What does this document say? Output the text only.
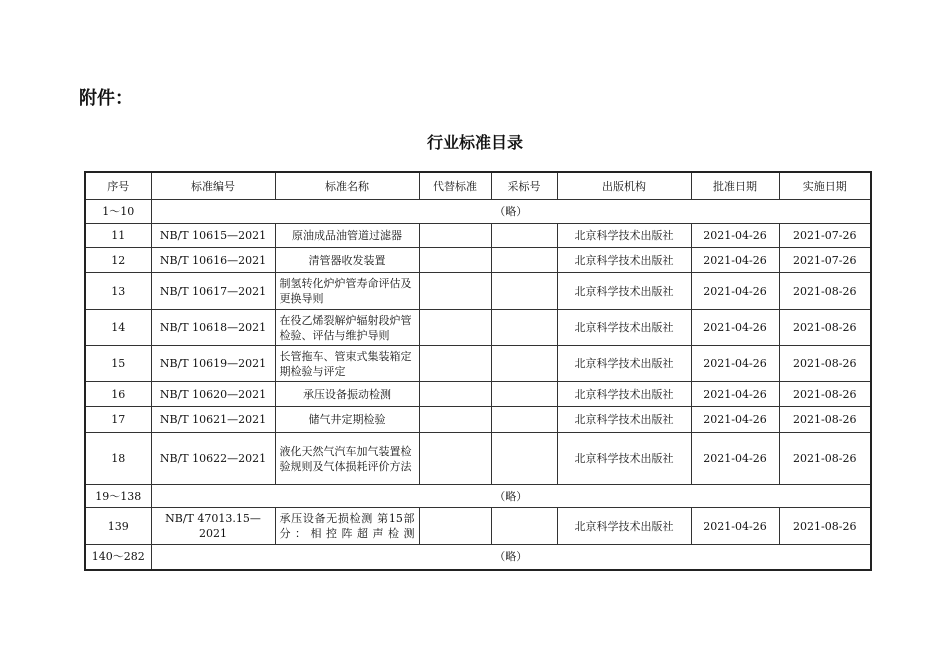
附件：
行业标准目录
序号	标准编号	标准名称	代替标准	采标号	出版机构	批准日期	实施日期
1～10	（略）						
11	NB/T 10615—2021	原油成品油管道过滤器			北京科学技术出版社	2021-04-26	2021-07-26
12	NB/T 10616—2021	清管器收发装置			北京科学技术出版社	2021-04-26	2021-07-26
13	NB/T 10617—2021	制氢转化炉炉管寿命评估及更换导则			北京科学技术出版社	2021-04-26	2021-08-26
14	NB/T 10618—2021	在役乙烯裂解炉辐射段炉管检验、评估与维护导则			北京科学技术出版社	2021-04-26	2021-08-26
15	NB/T 10619—2021	长管拖车、管束式集装箱定期检验与评定			北京科学技术出版社	2021-04-26	2021-08-26
16	NB/T 10620—2021	承压设备振动检测			北京科学技术出版社	2021-04-26	2021-08-26
17	NB/T 10621—2021	储气井定期检验			北京科学技术出版社	2021-04-26	2021-08-26
18	NB/T 10622—2021	液化天然气汽车加气装置检验规则及气体损耗评价方法			北京科学技术出版社	2021-04-26	2021-08-26
19～138	（略）						
139	NB/T 47013.15—2021	承压设备无损检测 第15部分：相控阵超声检测			北京科学技术出版社	2021-04-26	2021-08-26
140～282	（略）						
